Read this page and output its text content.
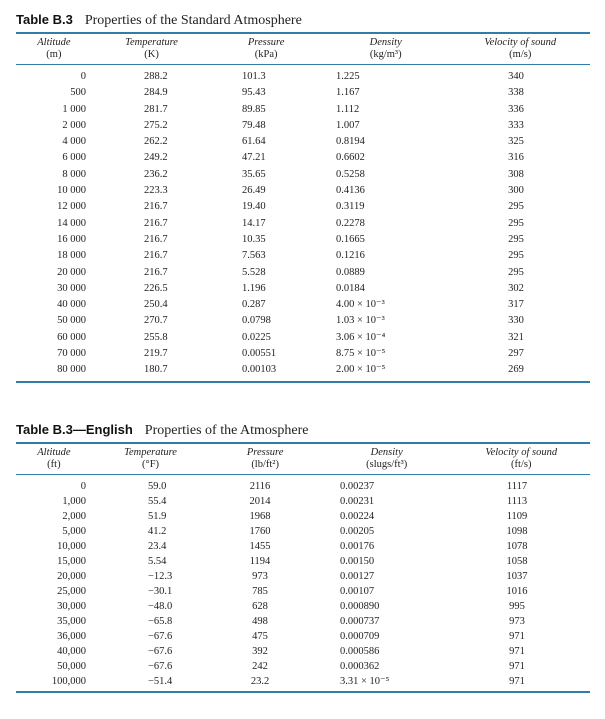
Table B.3 Properties of the Standard Atmosphere
Altitude
(m)
Temperature
(K)
Pressure
(kPa)
Density
(kg/m³)
Velocity of sound
(m/s)
0	288.2	101.3	1.225	340
500	284.9	95.43	1.167	338
1 000	281.7	89.85	1.112	336
2 000	275.2	79.48	1.007	333
4 000	262.2	61.64	0.8194	325
6 000	249.2	47.21	0.6602	316
8 000	236.2	35.65	0.5258	308
10 000	223.3	26.49	0.4136	300
12 000	216.7	19.40	0.3119	295
14 000	216.7	14.17	0.2278	295
16 000	216.7	10.35	0.1665	295
18 000	216.7	7.563	0.1216	295
20 000	216.7	5.528	0.0889	295
30 000	226.5	1.196	0.0184	302
40 000	250.4	0.287	4.00 × 10⁻³	317
50 000	270.7	0.0798	1.03 × 10⁻³	330
60 000	255.8	0.0225	3.06 × 10⁻⁴	321
70 000	219.7	0.00551	8.75 × 10⁻⁵	297
80 000	180.7	0.00103	2.00 × 10⁻⁵	269
Table B.3—English Properties of the Atmosphere
Altitude
(ft)
Temperature
(°F)
Pressure
(lb/ft²)
Density
(slugs/ft³)
Velocity of sound
(ft/s)
0	59.0	2116	0.00237	1117
1,000	55.4	2014	0.00231	1113
2,000	51.9	1968	0.00224	1109
5,000	41.2	1760	0.00205	1098
10,000	23.4	1455	0.00176	1078
15,000	5.54	1194	0.00150	1058
20,000	−12.3	973	0.00127	1037
25,000	−30.1	785	0.00107	1016
30,000	−48.0	628	0.000890	995
35,000	−65.8	498	0.000737	973
36,000	−67.6	475	0.000709	971
40,000	−67.6	392	0.000586	971
50,000	−67.6	242	0.000362	971
100,000	−51.4	23.2	3.31 × 10⁻⁵	971
